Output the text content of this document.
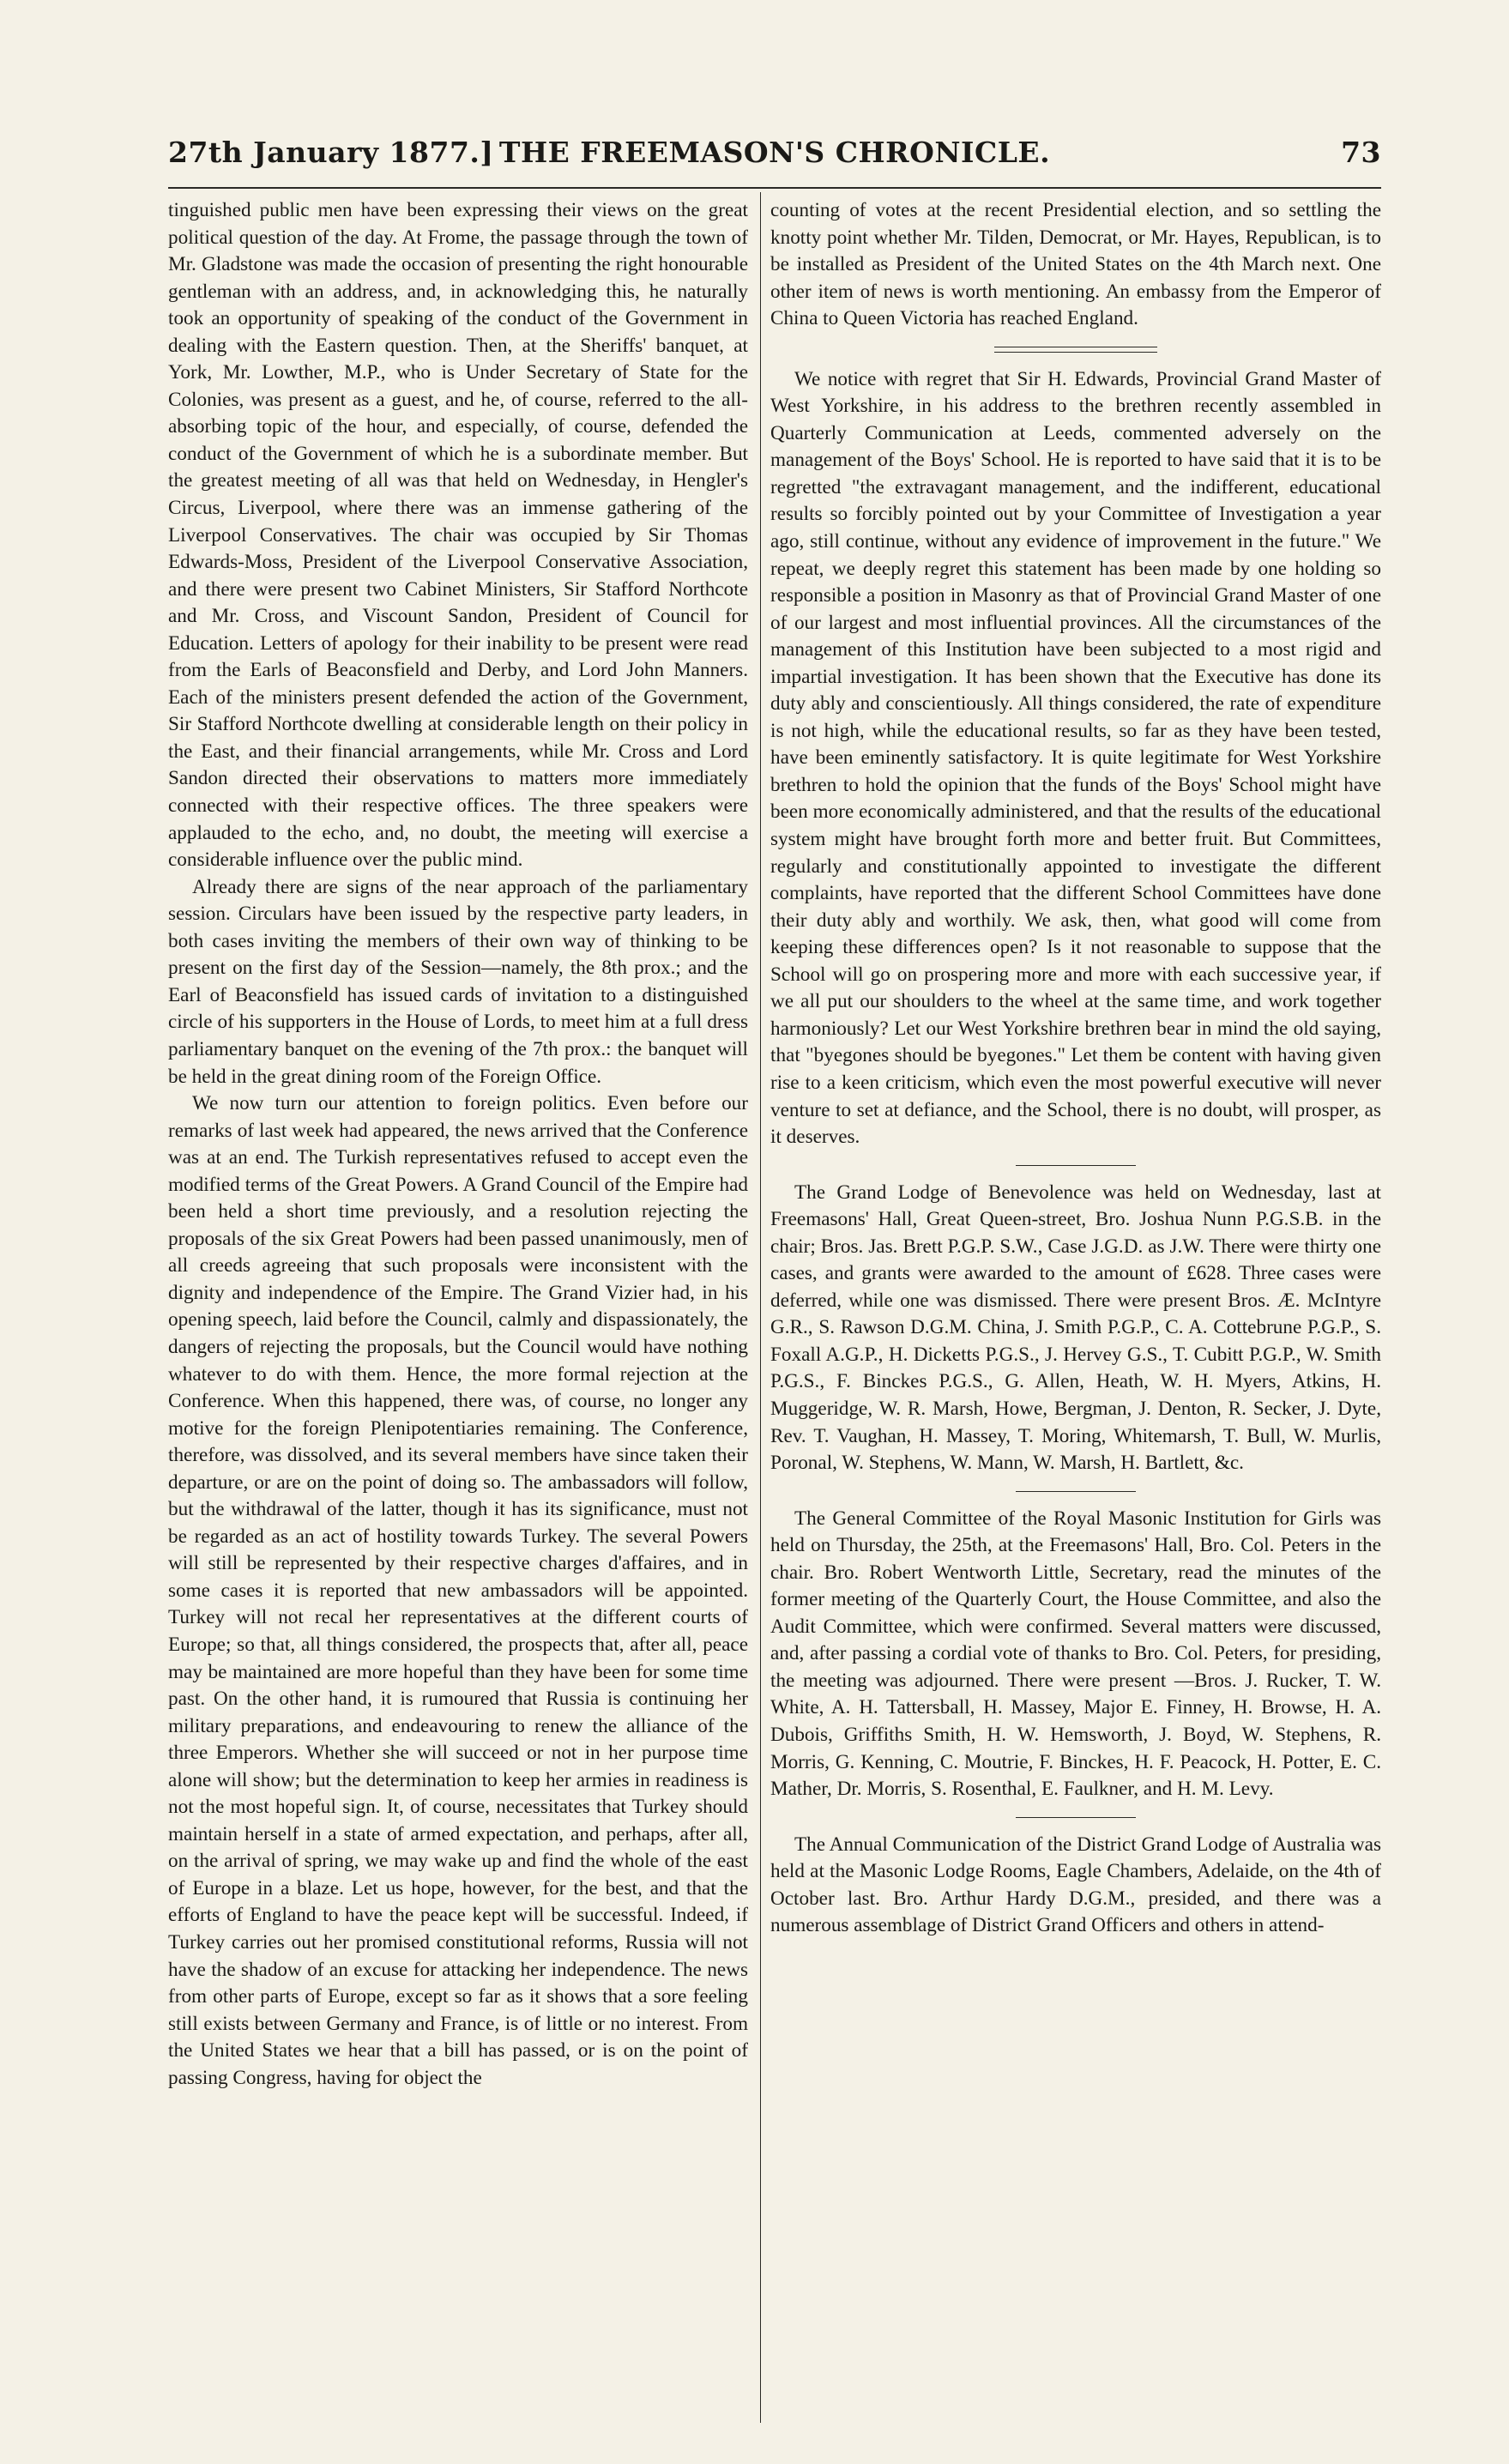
27th January 1877.] THE FREEMASON'S CHRONICLE.	73

tinguished public men have been expressing their views on the great political question of the day. At Frome, the passage through the town of Mr. Gladstone was made the occasion of presenting the right honourable gentleman with an address, and, in acknowledging this, he naturally took an opportunity of speaking of the conduct of the Government in dealing with the Eastern question. Then, at the Sheriffs' banquet, at York, Mr. Lowther, M.P., who is Under Secretary of State for the Colonies, was present as a guest, and he, of course, referred to the all-absorbing topic of the hour, and especially, of course, defended the conduct of the Government of which he is a subordinate member. But the greatest meeting of all was that held on Wednesday, in Hengler's Circus, Liverpool, where there was an immense gathering of the Liverpool Conservatives. The chair was occupied by Sir Thomas Edwards-Moss, President of the Liverpool Conservative Association, and there were present two Cabinet Ministers, Sir Stafford Northcote and Mr. Cross, and Viscount Sandon, President of Council for Education. Letters of apology for their inability to be present were read from the Earls of Beaconsfield and Derby, and Lord John Manners. Each of the ministers present defended the action of the Government, Sir Stafford Northcote dwelling at considerable length on their policy in the East, and their financial arrangements, while Mr. Cross and Lord Sandon directed their observations to matters more immediately connected with their respective offices. The three speakers were applauded to the echo, and, no doubt, the meeting will exercise a considerable influence over the public mind.

Already there are signs of the near approach of the parliamentary session. Circulars have been issued by the respective party leaders, in both cases inviting the members of their own way of thinking to be present on the first day of the Session—namely, the 8th prox.; and the Earl of Beaconsfield has issued cards of invitation to a distinguished circle of his supporters in the House of Lords, to meet him at a full dress parliamentary banquet on the evening of the 7th prox.: the banquet will be held in the great dining room of the Foreign Office.

We now turn our attention to foreign politics. Even before our remarks of last week had appeared, the news arrived that the Conference was at an end. The Turkish representatives refused to accept even the modified terms of the Great Powers. A Grand Council of the Empire had been held a short time previously, and a resolution rejecting the proposals of the six Great Powers had been passed unanimously, men of all creeds agreeing that such proposals were inconsistent with the dignity and independence of the Empire. The Grand Vizier had, in his opening speech, laid before the Council, calmly and dispassionately, the dangers of rejecting the proposals, but the Council would have nothing whatever to do with them. Hence, the more formal rejection at the Conference. When this happened, there was, of course, no longer any motive for the foreign Plenipotentiaries remaining. The Conference, therefore, was dissolved, and its several members have since taken their departure, or are on the point of doing so. The ambassadors will follow, but the withdrawal of the latter, though it has its significance, must not be regarded as an act of hostility towards Turkey. The several Powers will still be represented by their respective charges d'affaires, and in some cases it is reported that new ambassadors will be appointed. Turkey will not recal her representatives at the different courts of Europe; so that, all things considered, the prospects that, after all, peace may be maintained are more hopeful than they have been for some time past. On the other hand, it is rumoured that Russia is continuing her military preparations, and endeavouring to renew the alliance of the three Emperors. Whether she will succeed or not in her purpose time alone will show; but the determination to keep her armies in readiness is not the most hopeful sign. It, of course, necessitates that Turkey should maintain herself in a state of armed expectation, and perhaps, after all, on the arrival of spring, we may wake up and find the whole of the east of Europe in a blaze. Let us hope, however, for the best, and that the efforts of England to have the peace kept will be successful. Indeed, if Turkey carries out her promised constitutional reforms, Russia will not have the shadow of an excuse for attacking her independence. The news from other parts of Europe, except so far as it shows that a sore feeling still exists between Germany and France, is of little or no interest. From the United States we hear that a bill has passed, or is on the point of passing Congress, having for object the

counting of votes at the recent Presidential election, and so settling the knotty point whether Mr. Tilden, Democrat, or Mr. Hayes, Republican, is to be installed as President of the United States on the 4th March next. One other item of news is worth mentioning. An embassy from the Emperor of China to Queen Victoria has reached England.

We notice with regret that Sir H. Edwards, Provincial Grand Master of West Yorkshire, in his address to the brethren recently assembled in Quarterly Communication at Leeds, commented adversely on the management of the Boys' School. He is reported to have said that it is to be regretted "the extravagant management, and the indifferent, educational results so forcibly pointed out by your Committee of Investigation a year ago, still continue, without any evidence of improvement in the future." We repeat, we deeply regret this statement has been made by one holding so responsible a position in Masonry as that of Provincial Grand Master of one of our largest and most influential provinces. All the circumstances of the management of this Institution have been subjected to a most rigid and impartial investigation. It has been shown that the Executive has done its duty ably and conscientiously. All things considered, the rate of expenditure is not high, while the educational results, so far as they have been tested, have been eminently satisfactory. It is quite legitimate for West Yorkshire brethren to hold the opinion that the funds of the Boys' School might have been more economically administered, and that the results of the educational system might have brought forth more and better fruit. But Committees, regularly and constitutionally appointed to investigate the different complaints, have reported that the different School Committees have done their duty ably and worthily. We ask, then, what good will come from keeping these differences open? Is it not reasonable to suppose that the School will go on prospering more and more with each successive year, if we all put our shoulders to the wheel at the same time, and work together harmoniously? Let our West Yorkshire brethren bear in mind the old saying, that "byegones should be byegones." Let them be content with having given rise to a keen criticism, which even the most powerful executive will never venture to set at defiance, and the School, there is no doubt, will prosper, as it deserves.

The Grand Lodge of Benevolence was held on Wednesday, last at Freemasons' Hall, Great Queen-street, Bro. Joshua Nunn P.G.S.B. in the chair; Bros. Jas. Brett P.G.P. S.W., Case J.G.D. as J.W. There were thirty one cases, and grants were awarded to the amount of £628. Three cases were deferred, while one was dismissed. There were present Bros. Æ. McIntyre G.R., S. Rawson D.G.M. China, J. Smith P.G.P., C. A. Cottebrune P.G.P., S. Foxall A.G.P., H. Dicketts P.G.S., J. Hervey G.S., T. Cubitt P.G.P., W. Smith P.G.S., F. Binckes P.G.S., G. Allen, Heath, W. H. Myers, Atkins, H. Muggeridge, W. R. Marsh, Howe, Bergman, J. Denton, R. Secker, J. Dyte, Rev. T. Vaughan, H. Massey, T. Moring, Whitemarsh, T. Bull, W. Murlis, Poronal, W. Stephens, W. Mann, W. Marsh, H. Bartlett, &c.

The General Committee of the Royal Masonic Institution for Girls was held on Thursday, the 25th, at the Freemasons' Hall, Bro. Col. Peters in the chair. Bro. Robert Wentworth Little, Secretary, read the minutes of the former meeting of the Quarterly Court, the House Committee, and also the Audit Committee, which were confirmed. Several matters were discussed, and, after passing a cordial vote of thanks to Bro. Col. Peters, for presiding, the meeting was adjourned. There were present —Bros. J. Rucker, T. W. White, A. H. Tattersball, H. Massey, Major E. Finney, H. Browse, H. A. Dubois, Griffiths Smith, H. W. Hemsworth, J. Boyd, W. Stephens, R. Morris, G. Kenning, C. Moutrie, F. Binckes, H. F. Peacock, H. Potter, E. C. Mather, Dr. Morris, S. Rosenthal, E. Faulkner, and H. M. Levy.

The Annual Communication of the District Grand Lodge of Australia was held at the Masonic Lodge Rooms, Eagle Chambers, Adelaide, on the 4th of October last. Bro. Arthur Hardy D.G.M., presided, and there was a numerous assemblage of District Grand Officers and others in attend-
